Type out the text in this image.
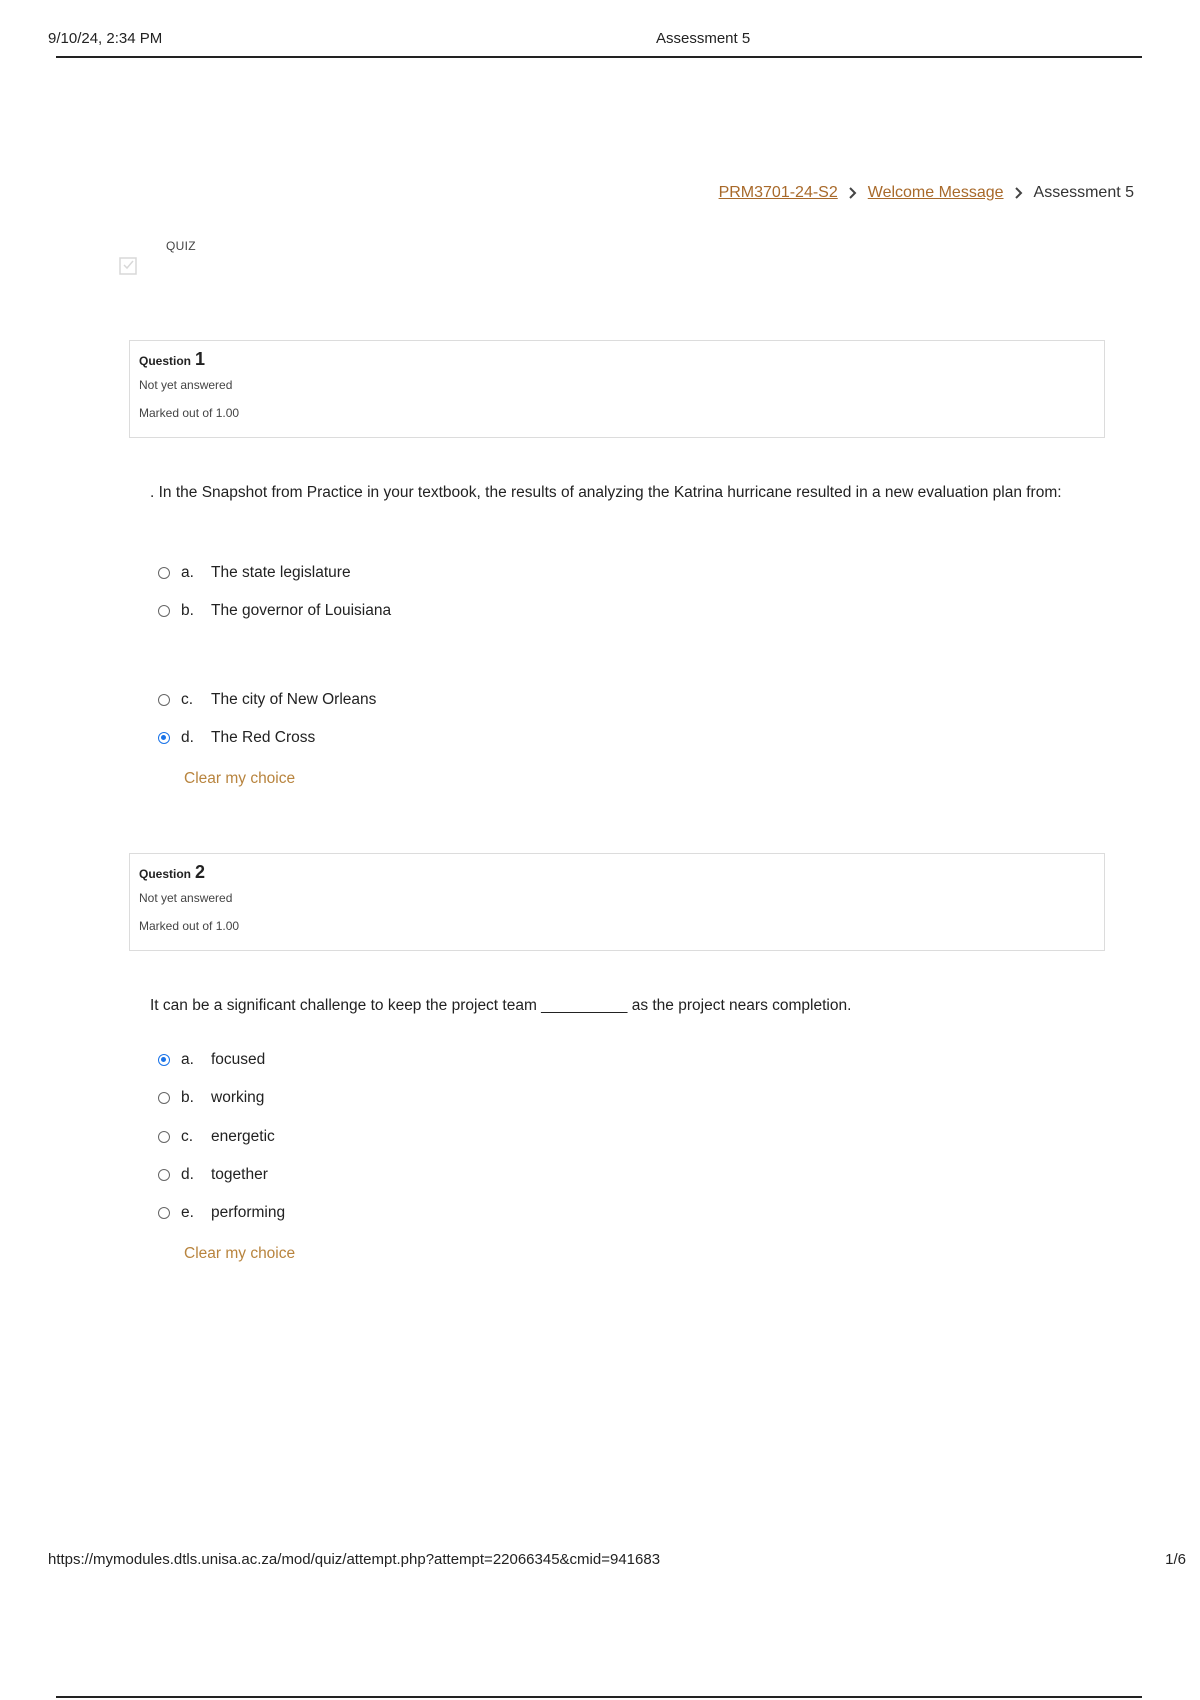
9/10/24, 2:34 PM	Assessment 5
PRM3701-24-S2 Welcome Message Assessment 5
QUIZ
Question 1
Not yet answered
Marked out of 1.00
. In the Snapshot from Practice in your textbook, the results of analyzing the Katrina hurricane resulted in a new evaluation plan from:
a.	The state legislature
b.	The governor of Louisiana
c.	The city of New Orleans
d.	The Red Cross
Clear my choice
Question 2
Not yet answered
Marked out of 1.00
It can be a significant challenge to keep the project team __________ as the project nears completion.
a.	focused
b.	working
c.	energetic
d.	together
e.	performing
Clear my choice
https://mymodules.dtls.unisa.ac.za/mod/quiz/attempt.php?attempt=22066345&cmid=941683	1/6
